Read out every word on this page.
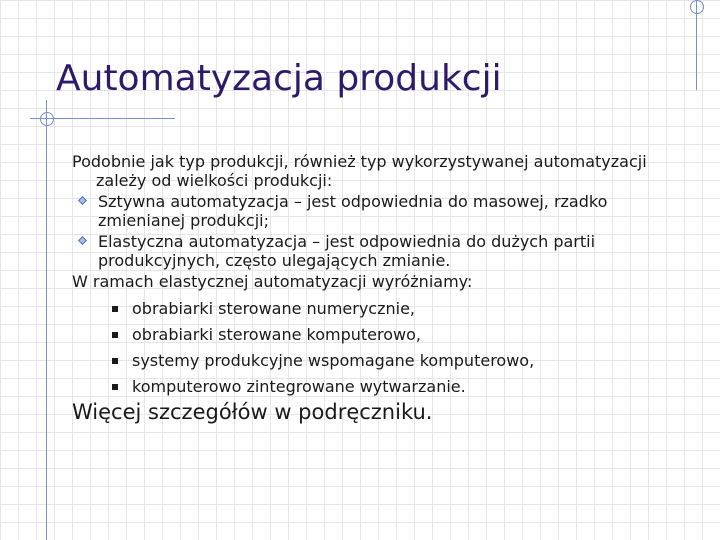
Automatyzacja produkcji

Podobnie jak typ produkcji, również typ wykorzystywanej automatyzacji zależy od wielkości produkcji:

Sztywna automatyzacja – jest odpowiednia do masowej, rzadko zmienianej produkcji;
Elastyczna automatyzacja – jest odpowiednia do dużych partii produkcyjnych, często ulegających zmianie.

W ramach elastycznej automatyzacji wyróżniamy:

obrabiarki sterowane numerycznie,
obrabiarki sterowane komputerowo,
systemy produkcyjne wspomagane komputerowo,
komputerowo zintegrowane wytwarzanie.

Więcej szczegółów w podręczniku.
